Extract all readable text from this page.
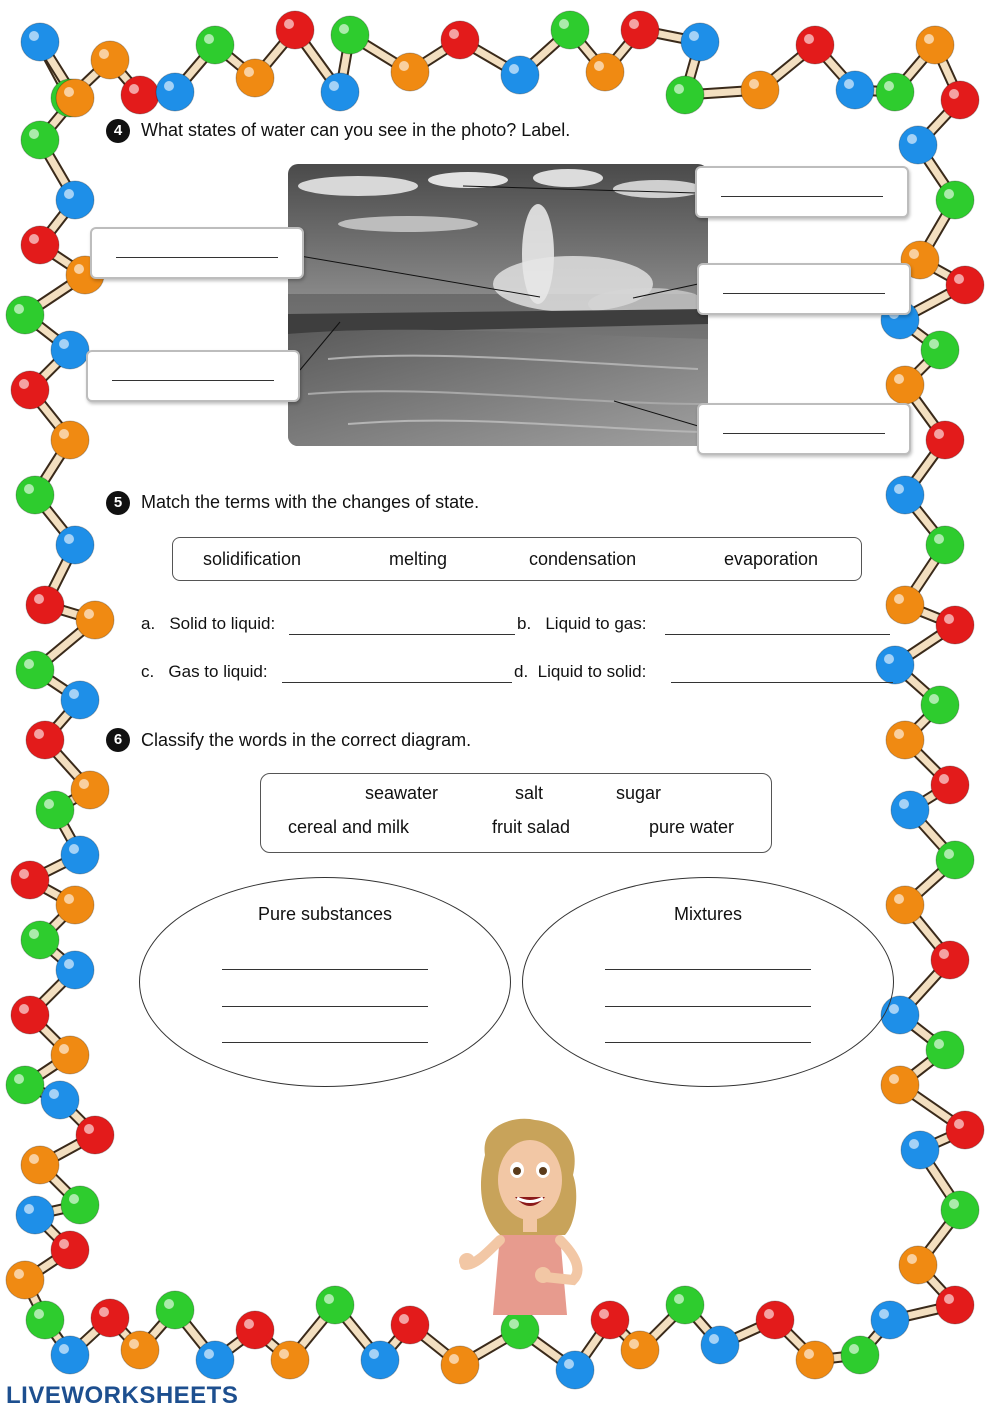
4	What states of water can you see in the photo? Label.
5	Match the terms with the changes of state.
solidification	melting	condensation	evaporation
a.   Solid to liquid:	b.   Liquid to gas:
c.   Gas to liquid:	d.  Liquid to solid:
6	Classify the words in the correct diagram.
seawater	salt	sugar
cereal and milk	fruit salad	pure water
Pure substances	Mixtures
LIVEWORKSHEETS
